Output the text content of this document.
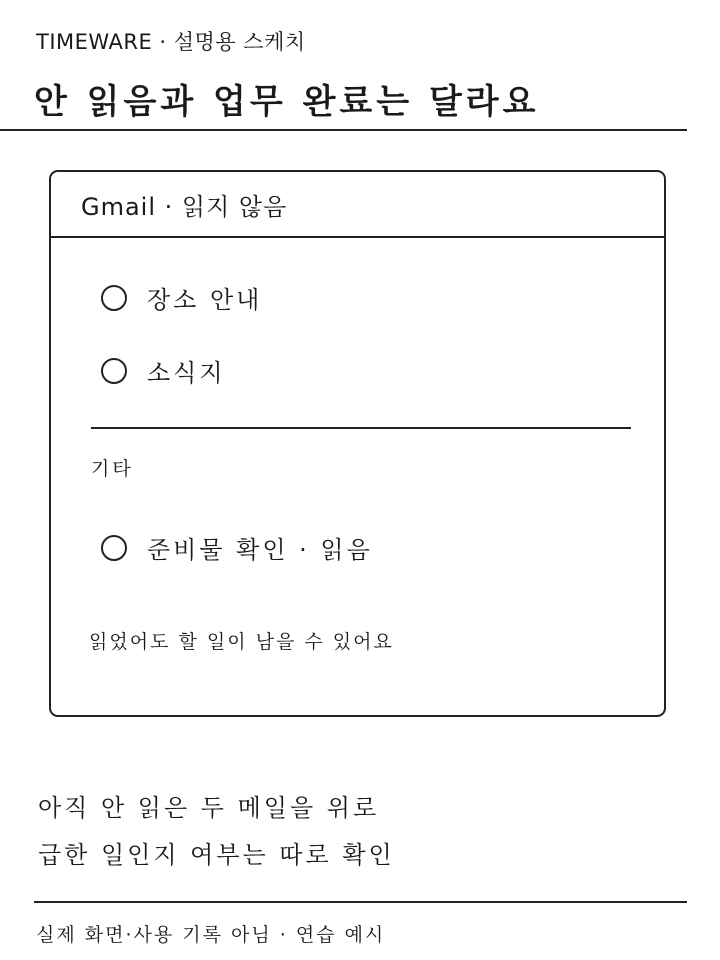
TIMEWARE · 설명용 스케치
안 읽음과 업무 완료는 달라요
Gmail · 읽지 않음
장소 안내
소식지
기타
준비물 확인 · 읽음
읽었어도 할 일이 남을 수 있어요
아직 안 읽은 두 메일을 위로
급한 일인지 여부는 따로 확인
실제 화면·사용 기록 아님 · 연습 예시
